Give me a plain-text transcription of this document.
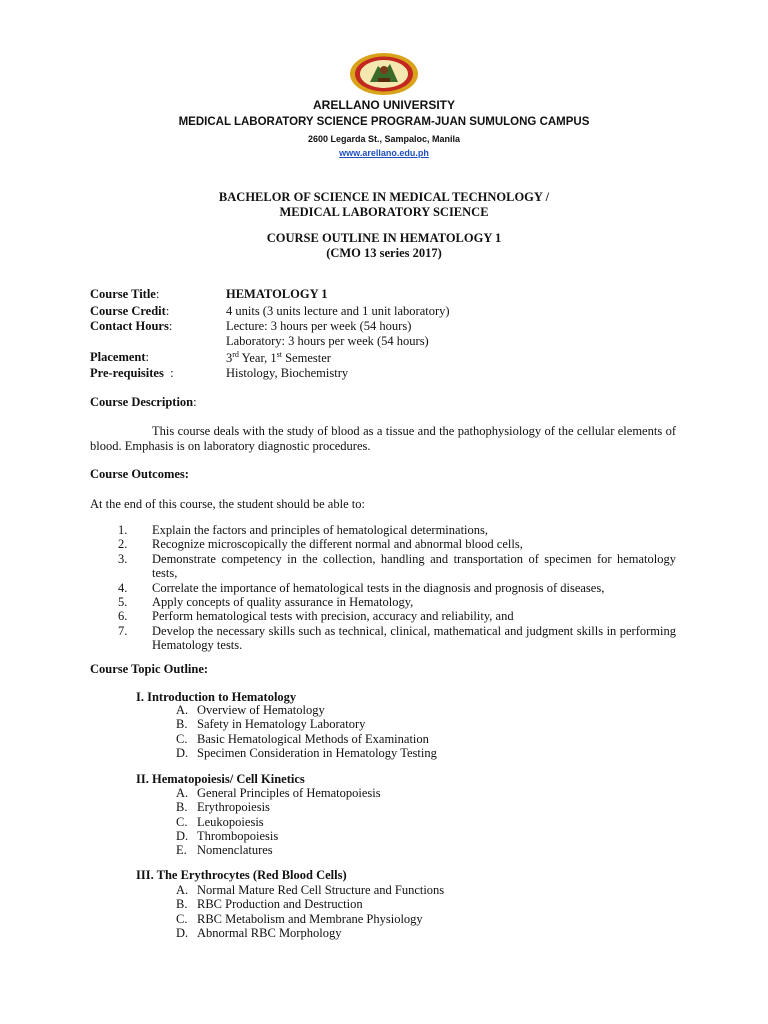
ARELLANO UNIVERSITY
MEDICAL LABORATORY SCIENCE PROGRAM-JUAN SUMULONG CAMPUS
2600 Legarda St., Sampaloc, Manila
www.arellano.edu.ph
BACHELOR OF SCIENCE IN MEDICAL TECHNOLOGY /
MEDICAL LABORATORY SCIENCE
COURSE OUTLINE IN HEMATOLOGY 1
(CMO 13 series 2017)
Course Title:	HEMATOLOGY 1
Course Credit:	4 units (3 units lecture and 1 unit laboratory)
Contact Hours:	Lecture: 3 hours per week (54 hours)
Laboratory: 3 hours per week (54 hours)
Placement:	3rd Year, 1st Semester
Pre-requisites  :	Histology, Biochemistry
Course Description:
This course deals with the study of blood as a tissue and the pathophysiology of the cellular elements of blood. Emphasis is on laboratory diagnostic procedures.
Course Outcomes:
At the end of this course, the student should be able to:
1. Explain the factors and principles of hematological determinations,
2. Recognize microscopically the different normal and abnormal blood cells,
3. Demonstrate competency in the collection, handling and transportation of specimen for hematology tests,
4. Correlate the importance of hematological tests in the diagnosis and prognosis of diseases,
5. Apply concepts of quality assurance in Hematology,
6. Perform hematological tests with precision, accuracy and reliability, and
7. Develop the necessary skills such as technical, clinical, mathematical and judgment skills in performing Hematology tests.
Course Topic Outline:
I. Introduction to Hematology
A. Overview of Hematology
B. Safety in Hematology Laboratory
C. Basic Hematological Methods of Examination
D. Specimen Consideration in Hematology Testing
II. Hematopoiesis/ Cell Kinetics
A. General Principles of Hematopoiesis
B. Erythropoiesis
C. Leukopoiesis
D. Thrombopoiesis
E. Nomenclatures
III. The Erythrocytes (Red Blood Cells)
A. Normal Mature Red Cell Structure and Functions
B. RBC Production and Destruction
C. RBC Metabolism and Membrane Physiology
D. Abnormal RBC Morphology
